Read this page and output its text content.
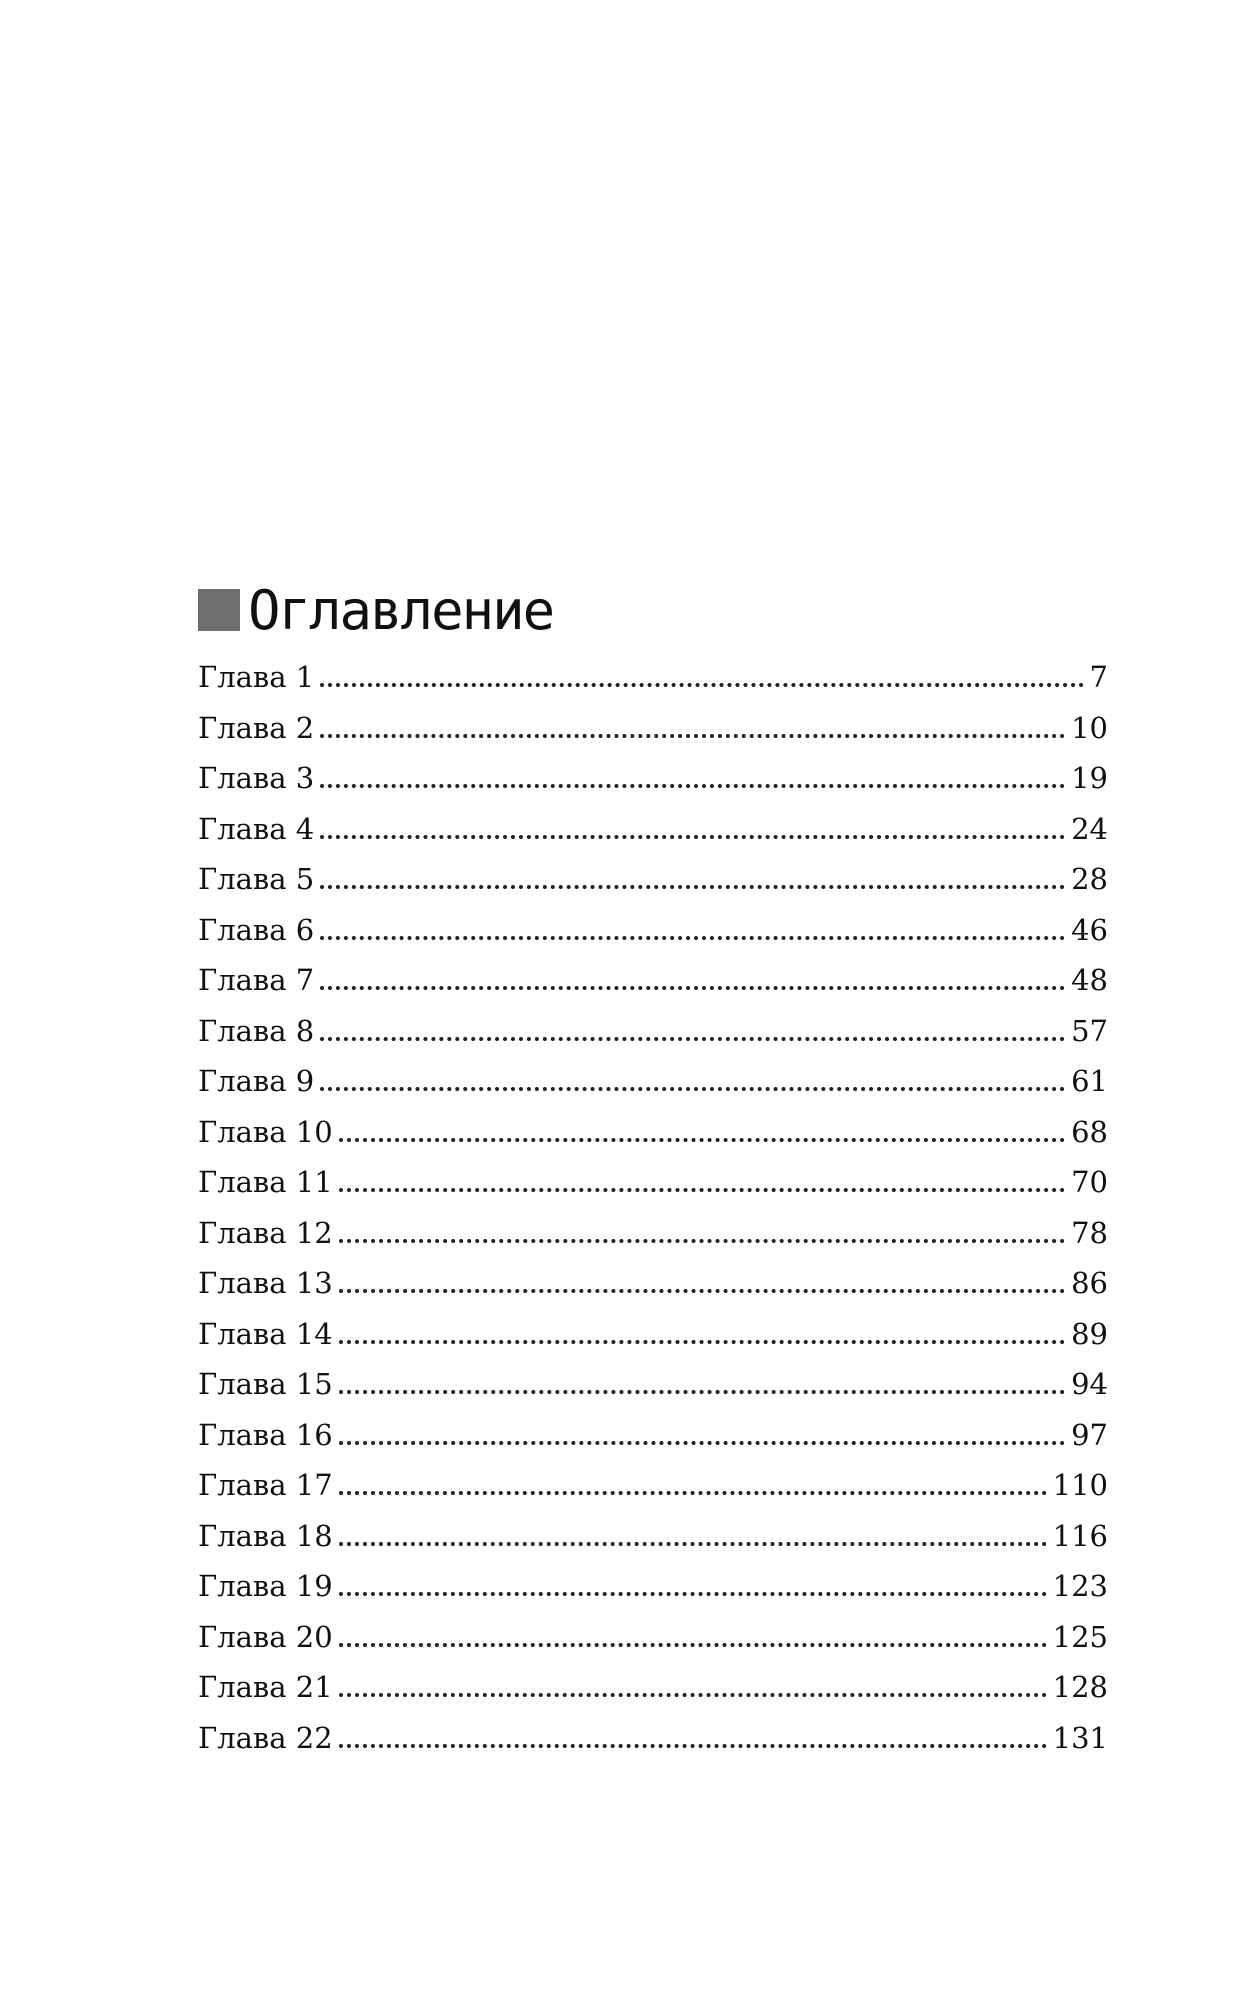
Оглавление
Глава 1	7
Глава 2	10
Глава 3	19
Глава 4	24
Глава 5	28
Глава 6	46
Глава 7	48
Глава 8	57
Глава 9	61
Глава 10	68
Глава 11	70
Глава 12	78
Глава 13	86
Глава 14	89
Глава 15	94
Глава 16	97
Глава 17	110
Глава 18	116
Глава 19	123
Глава 20	125
Глава 21	128
Глава 22	131
